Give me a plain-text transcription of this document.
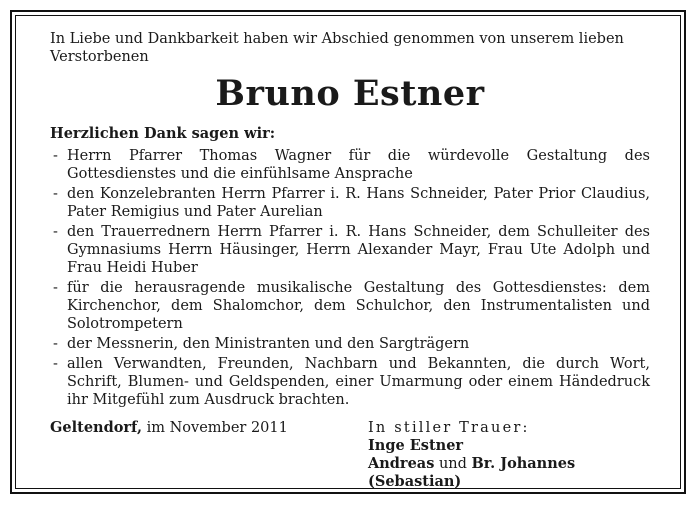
In Liebe und Dankbarkeit haben wir Abschied genommen von unserem lieben Verstorbenen

Bruno Estner
Herzlichen Dank sagen wir:
- Herrn Pfarrer Thomas Wagner für die würdevolle Gestaltung des Gottesdienstes und die einfühlsame Ansprache
- den Konzelebranten Herrn Pfarrer i. R. Hans Schneider, Pater Prior Claudius, Pater Remigius und Pater Aurelian
- den Trauerrednern Herrn Pfarrer i. R. Hans Schneider, dem Schulleiter des Gymnasiums Herrn Häusinger, Herrn Alexander Mayr, Frau Ute Adolph und Frau Heidi Huber
- für die herausragende musikalische Gestaltung des Gottesdienstes: dem Kirchenchor, dem Shalomchor, dem Schulchor, den Instrumentalisten und Solotrompetern
- der Messnerin, den Ministranten und den Sargträgern
- allen Verwandten, Freunden, Nachbarn und Bekannten, die durch Wort, Schrift, Blumen- und Geldspenden, einer Umarmung oder einem Händedruck ihr Mitgefühl zum Ausdruck brachten.
Geltendorf, im November 2011	In stiller Trauer:
Inge Estner
Andreas und Br. Johannes (Sebastian)
